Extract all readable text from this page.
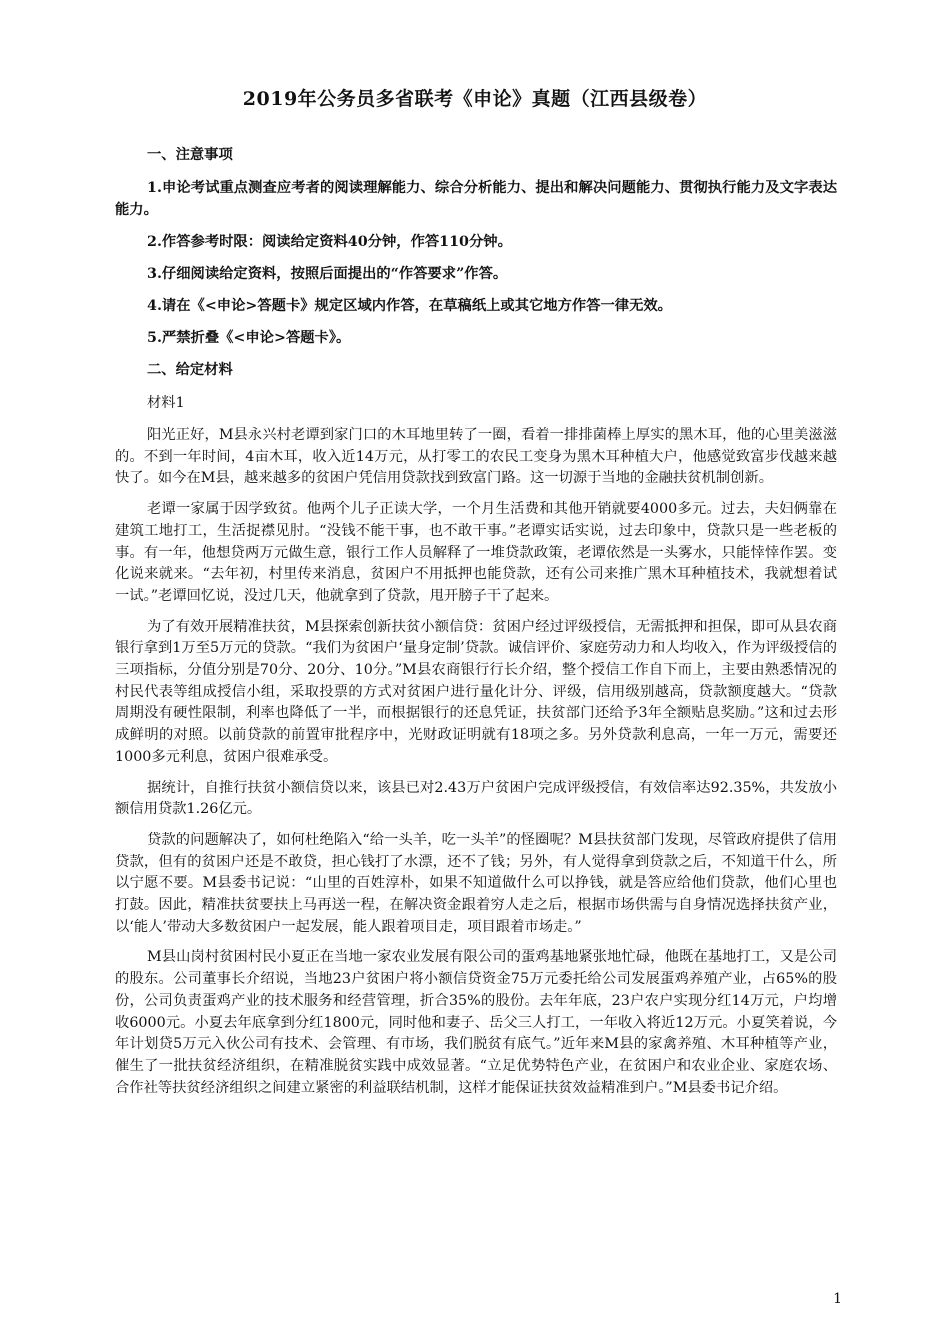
2019年公务员多省联考《申论》真题（江西县级卷）

一、注意事项

1.申论考试重点测查应考者的阅读理解能力、综合分析能力、提出和解决问题能力、贯彻执行能力及文字表达能力。

2.作答参考时限：阅读给定资料40分钟，作答110分钟。

3.仔细阅读给定资料，按照后面提出的“作答要求”作答。

4.请在《<申论>答题卡》规定区域内作答，在草稿纸上或其它地方作答一律无效。

5.严禁折叠《<申论>答题卡》。

二、给定材料

材料1

阳光正好，M县永兴村老谭到家门口的木耳地里转了一圈，看着一排排菌棒上厚实的黑木耳，他的心里美滋滋的。不到一年时间，4亩木耳，收入近14万元，从打零工的农民工变身为黑木耳种植大户，他感觉致富步伐越来越快了。如今在M县，越来越多的贫困户凭信用贷款找到致富门路。这一切源于当地的金融扶贫机制创新。

老谭一家属于因学致贫。他两个儿子正读大学，一个月生活费和其他开销就要4000多元。过去，夫妇俩靠在建筑工地打工，生活捉襟见肘。“没钱不能干事，也不敢干事。”老谭实话实说，过去印象中，贷款只是一些老板的事。有一年，他想贷两万元做生意，银行工作人员解释了一堆贷款政策，老谭依然是一头雾水，只能悻悻作罢。变化说来就来。“去年初，村里传来消息，贫困户不用抵押也能贷款，还有公司来推广黑木耳种植技术，我就想着试一试。”老谭回忆说，没过几天，他就拿到了贷款，甩开膀子干了起来。

为了有效开展精准扶贫，M县探索创新扶贫小额信贷：贫困户经过评级授信，无需抵押和担保，即可从县农商银行拿到1万至5万元的贷款。“我们为贫困户‘量身定制’贷款。诚信评价、家庭劳动力和人均收入，作为评级授信的三项指标，分值分别是70分、20分、10分。”M县农商银行行长介绍，整个授信工作自下而上，主要由熟悉情况的村民代表等组成授信小组，采取投票的方式对贫困户进行量化计分、评级，信用级别越高，贷款额度越大。“贷款周期没有硬性限制，利率也降低了一半，而根据银行的还息凭证，扶贫部门还给予3年全额贴息奖励。”这和过去形成鲜明的对照。以前贷款的前置审批程序中，光财政证明就有18项之多。另外贷款利息高，一年一万元，需要还1000多元利息，贫困户很难承受。

据统计，自推行扶贫小额信贷以来，该县已对2.43万户贫困户完成评级授信，有效信率达92.35%，共发放小额信用贷款1.26亿元。

贷款的问题解决了，如何杜绝陷入“给一头羊，吃一头羊”的怪圈呢？M县扶贫部门发现，尽管政府提供了信用贷款，但有的贫困户还是不敢贷，担心钱打了水漂，还不了钱；另外，有人觉得拿到贷款之后，不知道干什么，所以宁愿不要。M县委书记说：“山里的百姓淳朴，如果不知道做什么可以挣钱，就是答应给他们贷款，他们心里也打鼓。因此，精准扶贫要扶上马再送一程，在解决资金跟着穷人走之后，根据市场供需与自身情况选择扶贫产业，以‘能人’带动大多数贫困户一起发展，能人跟着项目走，项目跟着市场走。”

M县山岗村贫困村民小夏正在当地一家农业发展有限公司的蛋鸡基地紧张地忙碌，他既在基地打工，又是公司的股东。公司董事长介绍说，当地23户贫困户将小额信贷资金75万元委托给公司发展蛋鸡养殖产业，占65%的股份，公司负责蛋鸡产业的技术服务和经营管理，折合35%的股份。去年年底，23户农户实现分红14万元，户均增收6000元。小夏去年底拿到分红1800元，同时他和妻子、岳父三人打工，一年收入将近12万元。小夏笑着说，今年计划贷5万元入伙公司有技术、会管理、有市场，我们脱贫有底气。”近年来M县的家禽养殖、木耳种植等产业，催生了一批扶贫经济组织，在精准脱贫实践中成效显著。“立足优势特色产业，在贫困户和农业企业、家庭农场、合作社等扶贫经济组织之间建立紧密的利益联结机制，这样才能保证扶贫效益精准到户。”M县委书记介绍。

1
